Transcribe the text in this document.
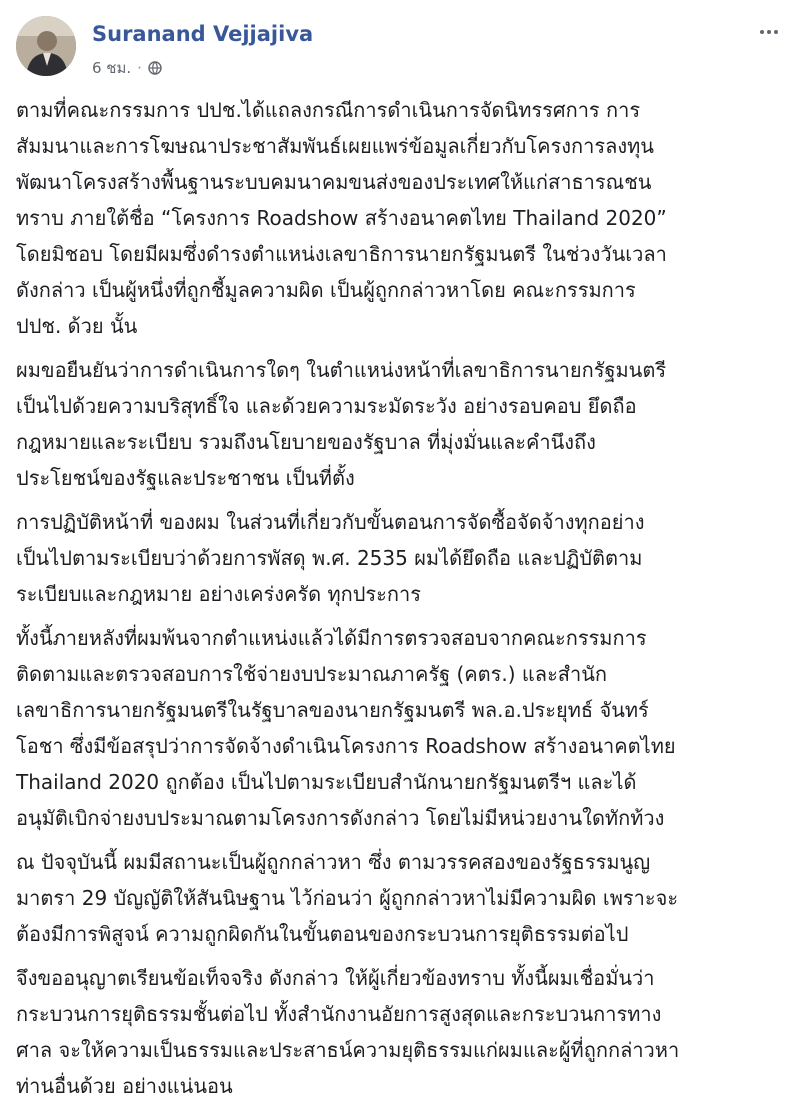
Suranand Vejjajiva
6 ชม. ·

ตามที่คณะกรรมการ ปปช.ได้แถลงกรณีการดำเนินการจัดนิทรรศการ การ
สัมมนาและการโฆษณาประชาสัมพันธ์เผยแพร่ข้อมูลเกี่ยวกับโครงการลงทุน
พัฒนาโครงสร้างพื้นฐานระบบคมนาคมขนส่งของประเทศให้แก่สาธารณชน
ทราบ ภายใต้ชื่อ “โครงการ Roadshow สร้างอนาคตไทย Thailand 2020”
โดยมิชอบ โดยมีผมซึ่งดำรงตำแหน่งเลขาธิการนายกรัฐมนตรี ในช่วงวันเวลา
ดังกล่าว เป็นผู้หนึ่งที่ถูกชี้มูลความผิด เป็นผู้ถูกกล่าวหาโดย คณะกรรมการ
ปปช. ด้วย นั้น

ผมขอยืนยันว่าการดำเนินการใดๆ ในตำแหน่งหน้าที่เลขาธิการนายกรัฐมนตรี
เป็นไปด้วยความบริสุทธิ์ใจ และด้วยความระมัดระวัง อย่างรอบคอบ ยึดถือ
กฎหมายและระเบียบ รวมถึงนโยบายของรัฐบาล ที่มุ่งมั่นและคำนึงถึง
ประโยชน์ของรัฐและประชาชน เป็นที่ตั้ง

การปฏิบัติหน้าที่ ของผม ในส่วนที่เกี่ยวกับขั้นตอนการจัดซื้อจัดจ้างทุกอย่าง
เป็นไปตามระเบียบว่าด้วยการพัสดุ พ.ศ. 2535 ผมได้ยึดถือ และปฏิบัติตาม
ระเบียบและกฎหมาย อย่างเคร่งครัด ทุกประการ

ทั้งนี้ภายหลังที่ผมพ้นจากตำแหน่งแล้วได้มีการตรวจสอบจากคณะกรรมการ
ติดตามและตรวจสอบการใช้จ่ายงบประมาณภาครัฐ (คตร.) และสำนัก
เลขาธิการนายกรัฐมนตรีในรัฐบาลของนายกรัฐมนตรี พล.อ.ประยุทธ์ จันทร์
โอชา ซึ่งมีข้อสรุปว่าการจัดจ้างดำเนินโครงการ Roadshow สร้างอนาคตไทย
Thailand 2020 ถูกต้อง เป็นไปตามระเบียบสำนักนายกรัฐมนตรีฯ และได้
อนุมัติเบิกจ่ายงบประมาณตามโครงการดังกล่าว โดยไม่มีหน่วยงานใดทักท้วง

ณ ปัจจุบันนี้ ผมมีสถานะเป็นผู้ถูกกล่าวหา ซึ่ง ตามวรรคสองของรัฐธรรมนูญ
มาตรา 29 บัญญัติให้สันนิษฐาน ไว้ก่อนว่า ผู้ถูกกล่าวหาไม่มีความผิด เพราะจะ
ต้องมีการพิสูจน์ ความถูกผิดกันในขั้นตอนของกระบวนการยุติธรรมต่อไป

จึงขออนุญาตเรียนข้อเท็จจริง ดังกล่าว ให้ผู้เกี่ยวข้องทราบ ทั้งนี้ผมเชื่อมั่นว่า
กระบวนการยุติธรรมชั้นต่อไป ทั้งสำนักงานอัยการสูงสุดและกระบวนการทาง
ศาล จะให้ความเป็นธรรมและประสาธน์ความยุติธรรมแก่ผมและผู้ที่ถูกกล่าวหา
ท่านอื่นด้วย อย่างแน่นอน
